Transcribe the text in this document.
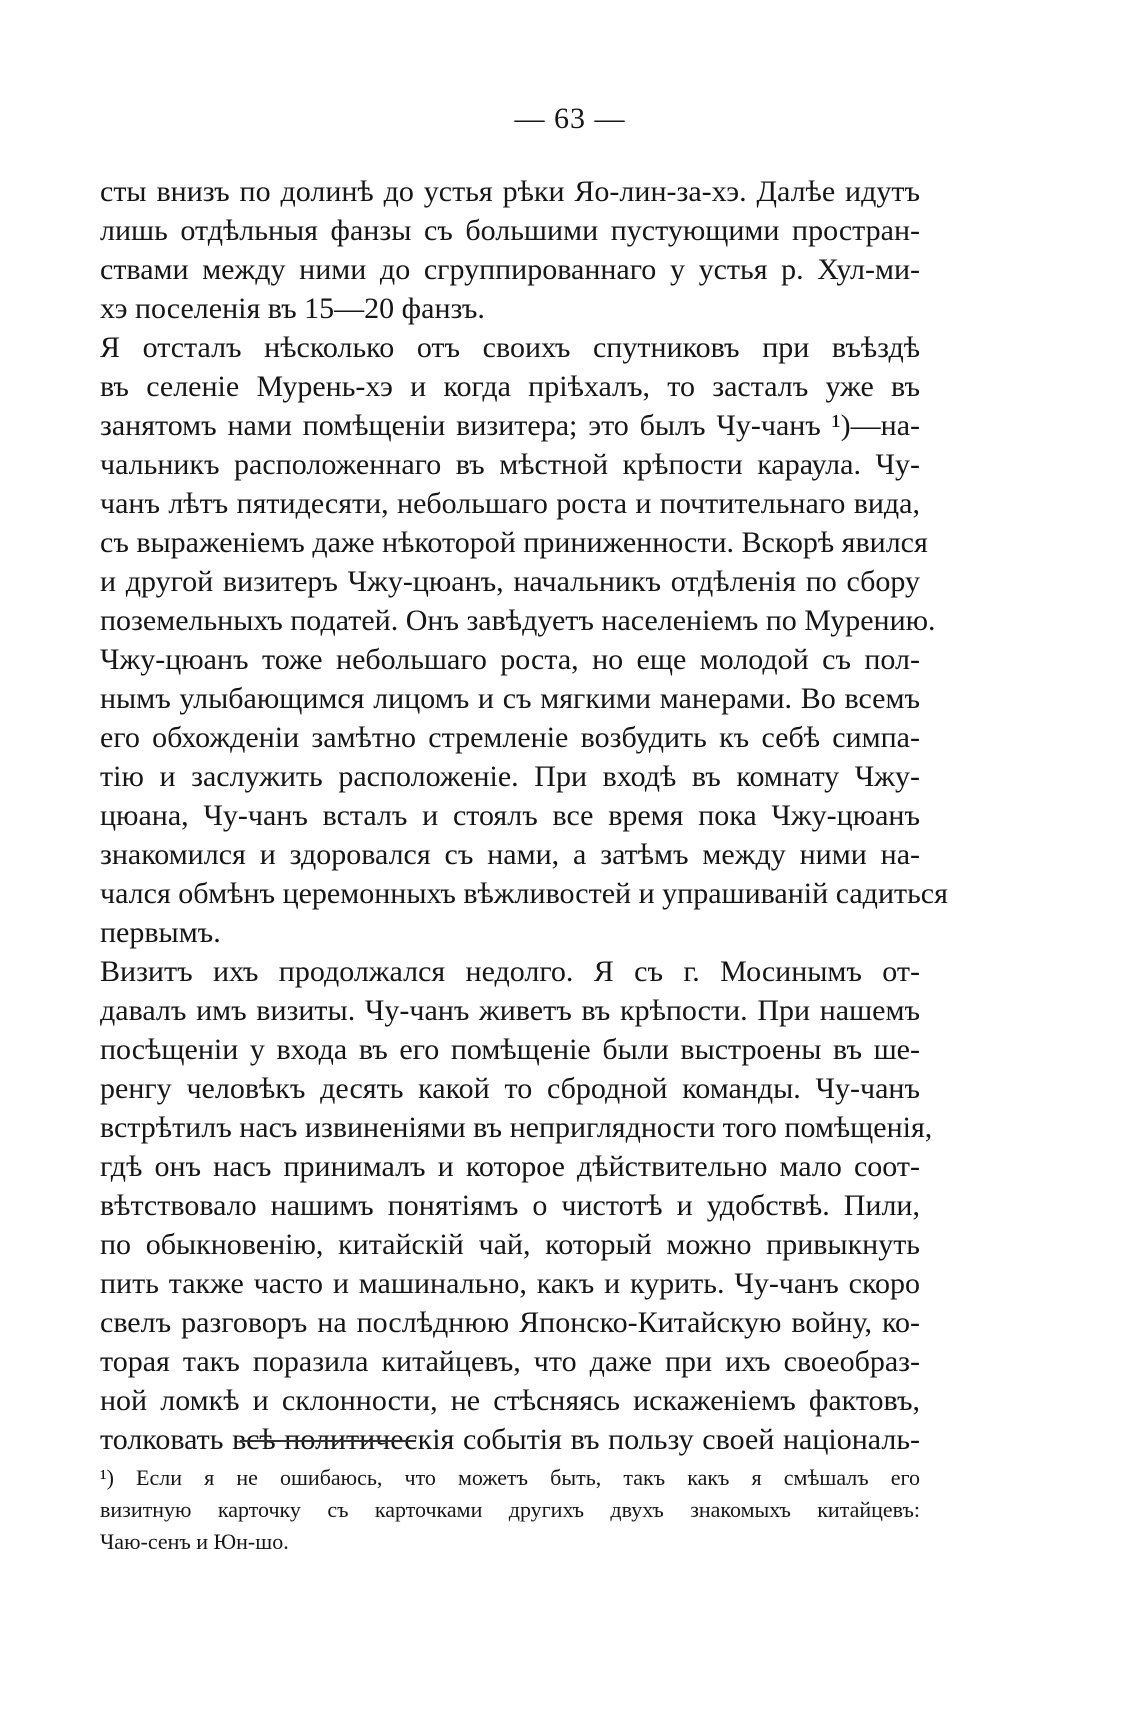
— 63 —
сты внизъ по долинѣ до устья рѣки Яо-лин-за-хэ. Далѣе идутъ
лишь отдѣльныя фанзы съ большими пустующими простран-
ствами между ними до сгруппированнаго у устья р. Хул-ми-
хэ поселенія въ 15—20 фанзъ.
Я отсталъ нѣсколько отъ своихъ спутниковъ при въѣздѣ
въ селеніе Мурень-хэ и когда пріѣхалъ, то засталъ уже въ
занятомъ нами помѣщеніи визитера; это былъ Чу-чанъ ¹)—на-
чальникъ расположеннаго въ мѣстной крѣпости караула. Чу-
чанъ лѣтъ пятидесяти, небольшаго роста и почтительнаго вида,
съ выраженіемъ даже нѣкоторой приниженности. Вскорѣ явился
и другой визитеръ Чжу-цюанъ, начальникъ отдѣленія по сбору
поземельныхъ податей. Онъ завѣдуетъ населеніемъ по Мурению.
Чжу-цюанъ тоже небольшаго роста, но еще молодой съ пол-
нымъ улыбающимся лицомъ и съ мягкими манерами. Во всемъ
его обхожденіи замѣтно стремленіе возбудить къ себѣ симпа-
тію и заслужить расположеніе. При входѣ въ комнату Чжу-
цюана, Чу-чанъ всталъ и стоялъ все время пока Чжу-цюанъ
знакомился и здоровался съ нами, а затѣмъ между ними на-
чался обмѣнъ церемонныхъ вѣжливостей и упрашиваній садиться
первымъ.
Визитъ ихъ продолжался недолго. Я съ г. Мосинымъ от-
давалъ имъ визиты. Чу-чанъ живетъ въ крѣпости. При нашемъ
посѣщеніи у входа въ его помѣщеніе были выстроены въ ше-
ренгу человѣкъ десять какой то сбродной команды. Чу-чанъ
встрѣтилъ насъ извиненіями въ неприглядности того помѣщенія,
гдѣ онъ насъ принималъ и которое дѣйствительно мало соот-
вѣтствовало нашимъ понятіямъ о чистотѣ и удобствѣ. Пили,
по обыкновенію, китайскій чай, который можно привыкнуть
пить также часто и машинально, какъ и курить. Чу-чанъ скоро
свелъ разговоръ на послѣднюю Японско-Китайскую войну, ко-
торая такъ поразила китайцевъ, что даже при ихъ своеобраз-
ной ломкѣ и склонности, не стѣсняясь искаженіемъ фактовъ,
толковать всѣ политическія событія въ пользу своей національ-
¹) Если я не ошибаюсь, что можетъ быть, такъ какъ я смѣшалъ его
визитную карточку съ карточками другихъ двухъ знакомыхъ китайцевъ:
Чаю-сенъ и Юн-шо.
